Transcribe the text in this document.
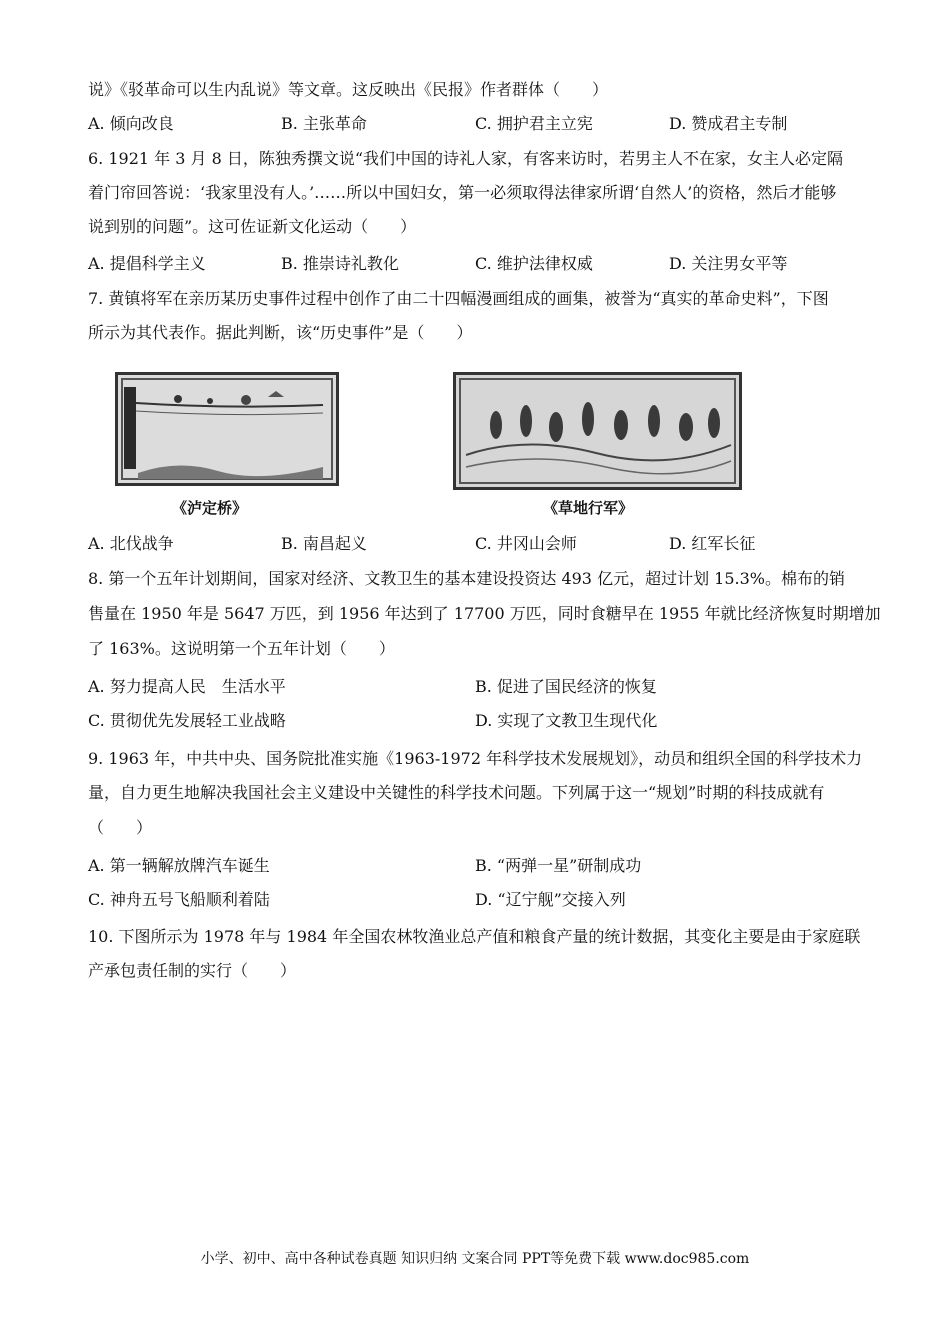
说》《驳革命可以生内乱说》等文章。这反映出《民报》作者群体（　　）
A. 倾向改良	B. 主张革命	C. 拥护君主立宪	D. 赞成君主专制
6. 1921 年 3 月 8 日，陈独秀撰文说“我们中国的诗礼人家，有客来访时，若男主人不在家，女主人必定隔
着门帘回答说：‘我家里没有人。’……所以中国妇女，第一必须取得法律家所谓‘自然人’的资格，然后才能够
说到别的问题”。这可佐证新文化运动（　　）
A. 提倡科学主义	B. 推崇诗礼教化	C. 维护法律权威	D. 关注男女平等
7. 黄镇将军在亲历某历史事件过程中创作了由二十四幅漫画组成的画集，被誉为“真实的革命史料”，下图
所示为其代表作。据此判断，该“历史事件”是（　　）
《泸定桥》	《草地行军》
A. 北伐战争	B. 南昌起义	C. 井冈山会师	D. 红军长征
8. 第一个五年计划期间，国家对经济、文教卫生的基本建设投资达 493 亿元，超过计划 15.3%。棉布的销
售量在 1950 年是 5647 万匹，到 1956 年达到了 17700 万匹，同时食糖早在 1955 年就比经济恢复时期增加
了 163%。这说明第一个五年计划（　　）
A. 努力提高人民　生活水平	B. 促进了国民经济的恢复
C. 贯彻优先发展轻工业战略	D. 实现了文教卫生现代化
9. 1963 年，中共中央、国务院批准实施《1963-1972 年科学技术发展规划》，动员和组织全国的科学技术力
量，自力更生地解决我国社会主义建设中关键性的科学技术问题。下列属于这一“规划”时期的科技成就有
（　　）
A. 第一辆解放牌汽车诞生	B. “两弹一星”研制成功
C. 神舟五号飞船顺利着陆	D. “辽宁舰”交接入列
10. 下图所示为 1978 年与 1984 年全国农林牧渔业总产值和粮食产量的统计数据，其变化主要是由于家庭联
产承包责任制的实行（　　）
小学、初中、高中各种试卷真题 知识归纳 文案合同 PPT等免费下载 www.doc985.com
